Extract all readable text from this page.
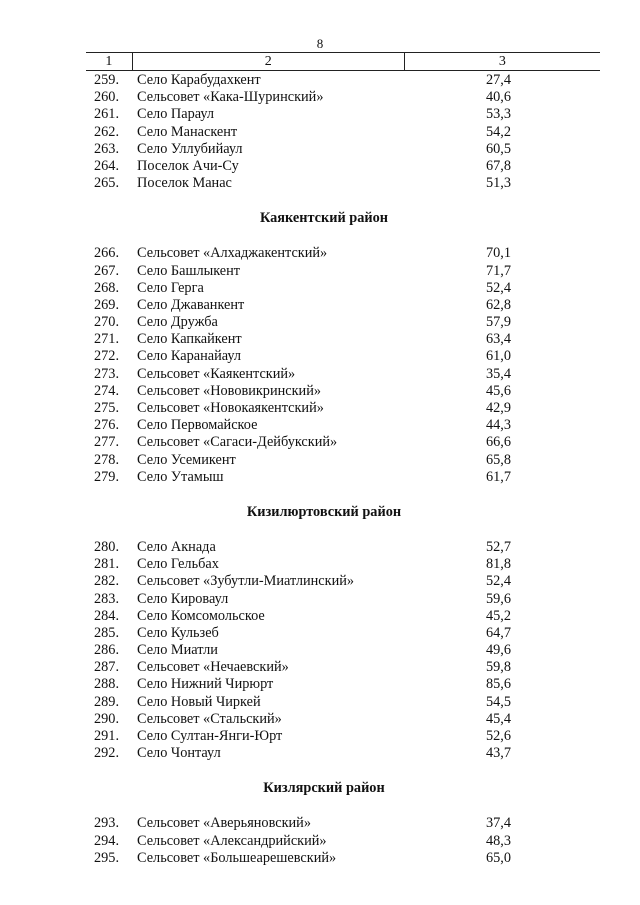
8
1	2	3
259.	Село Карабудахкент	27,4
260.	Сельсовет «Кака-Шуринский»	40,6
261.	Село Параул	53,3
262.	Село Манаскент	54,2
263.	Село Уллубийаул	60,5
264.	Поселок Ачи-Су	67,8
265.	Поселок Манас	51,3
Каякентский район
266.	Сельсовет «Алхаджакентский»	70,1
267.	Село Башлыкент	71,7
268.	Село Герга	52,4
269.	Село Джаванкент	62,8
270.	Село Дружба	57,9
271.	Село Капкайкент	63,4
272.	Село Каранайаул	61,0
273.	Сельсовет «Каякентский»	35,4
274.	Сельсовет «Нововикринский»	45,6
275.	Сельсовет «Новокаякентский»	42,9
276.	Село Первомайское	44,3
277.	Сельсовет «Сагаси-Дейбукский»	66,6
278.	Село Усемикент	65,8
279.	Село Утамыш	61,7
Кизилюртовский район
280.	Село Акнада	52,7
281.	Село Гельбах	81,8
282.	Сельсовет «Зубутли-Миатлинский»	52,4
283.	Село Кироваул	59,6
284.	Село Комсомольское	45,2
285.	Село Кульзеб	64,7
286.	Село Миатли	49,6
287.	Сельсовет «Нечаевский»	59,8
288.	Село Нижний Чирюрт	85,6
289.	Село Новый Чиркей	54,5
290.	Сельсовет «Стальский»	45,4
291.	Село Султан-Янги-Юрт	52,6
292.	Село Чонтаул	43,7
Кизлярский район
293.	Сельсовет «Аверьяновский»	37,4
294.	Сельсовет «Александрийский»	48,3
295.	Сельсовет «Большеарешевский»	65,0
